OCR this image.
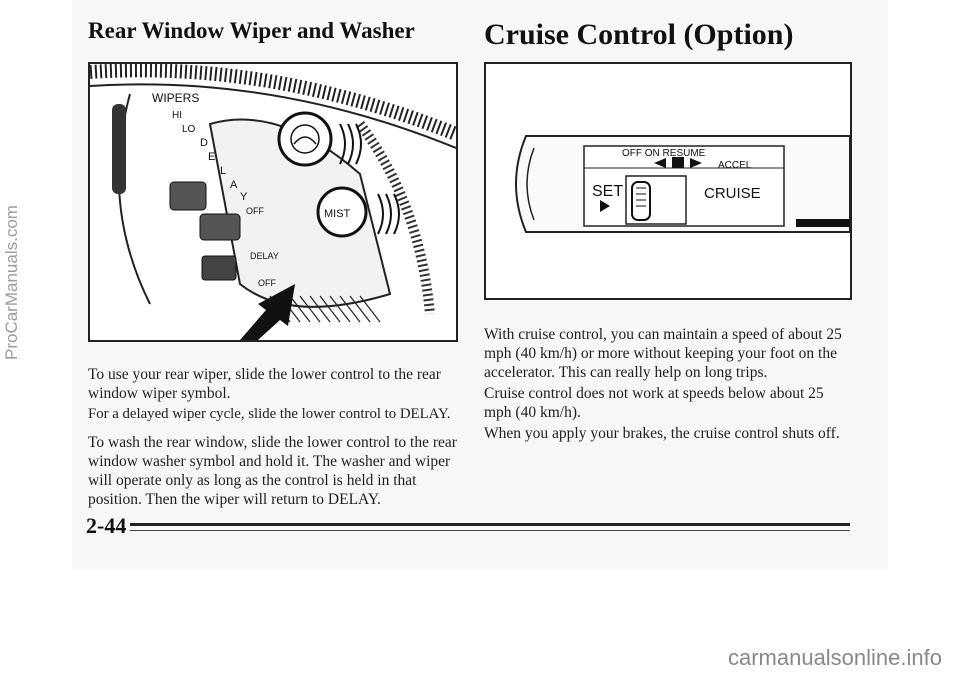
Rear Window Wiper and Washer Cruise Control (Option)
WIPERS
HI
LO
D
E
L
A
Y
OFF	MIST
DELAY
OFF
OFF ON RESUME
ACCEL
SET	CRUISE

To use your rear wiper, slide the lower control to the rear window wiper symbol.

For a delayed wiper cycle, slide the lower control to DELAY.

To wash the rear window, slide the lower control to the rear window washer symbol and hold it. The washer and wiper will operate only as long as the control is held in that position. Then the wiper will return to DELAY.

With cruise control, you can maintain a speed of about 25 mph (40 km/h) or more without keeping your foot on the accelerator. This can really help on long trips.

Cruise control does not work at speeds below about 25 mph (40 km/h).

When you apply your brakes, the cruise control shuts off.

2-44
ProCarManuals.com
carmanualsonline.info
